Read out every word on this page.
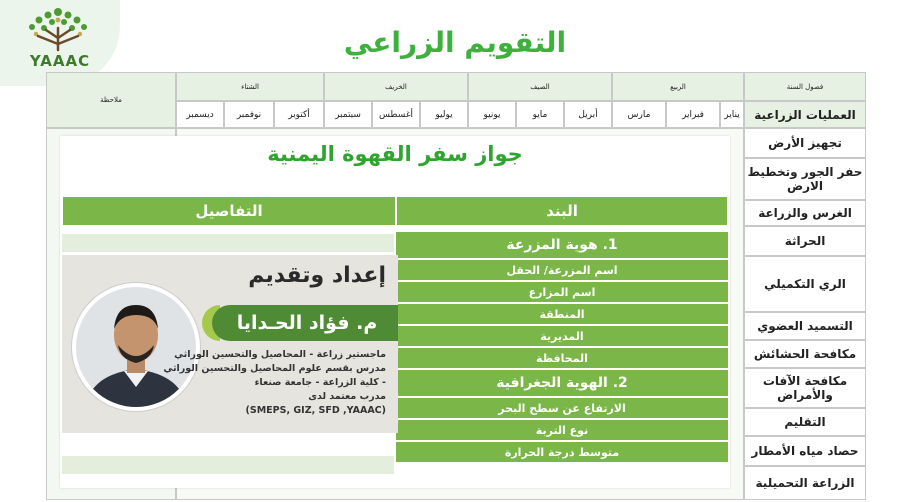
YAAAC
التقويم الزراعي
فصول السنة
الربيع
الصيف
الخريف
الشتاء
ملاحظة
العمليات الزراعية
يناير
فبراير
مارس
أبريل
مايو
يونيو
يوليو
أغسطس
سبتمبر
أكتوبر
نوفمبر
ديسمبر
تجهيز الأرض
حفر الجور وتخطيط الارض
الغرس والزراعة
الحراثة
الري التكميلي
التسميد العضوي
مكافحة الحشائش
مكافحة الآفات والأمراض
التقليم
حصاد مياه الأمطار
الزراعة التحميلية
جواز سفر القهوة اليمنية
التفاصيل	البند
1. هوية المزرعة
اسم المزرعة/ الحقل
اسم المزارع
المنطقة
المديرية
المحافظة
2. الهوية الجغرافية
الارتفاع عن سطح البحر
نوع التربة
متوسط درجة الحرارة
إعداد وتقديم
م. فؤاد الحـدايا
ماجستير زراعة - المحاصيل والتحسين الوراثي
مدرس بقسم علوم المحاصيل والتحسين الوراثي
- كلية الزراعة - جامعة صنعاء
مدرب معتمد لدى
(SMEPS, GIZ, SFD ,YAAAC)
